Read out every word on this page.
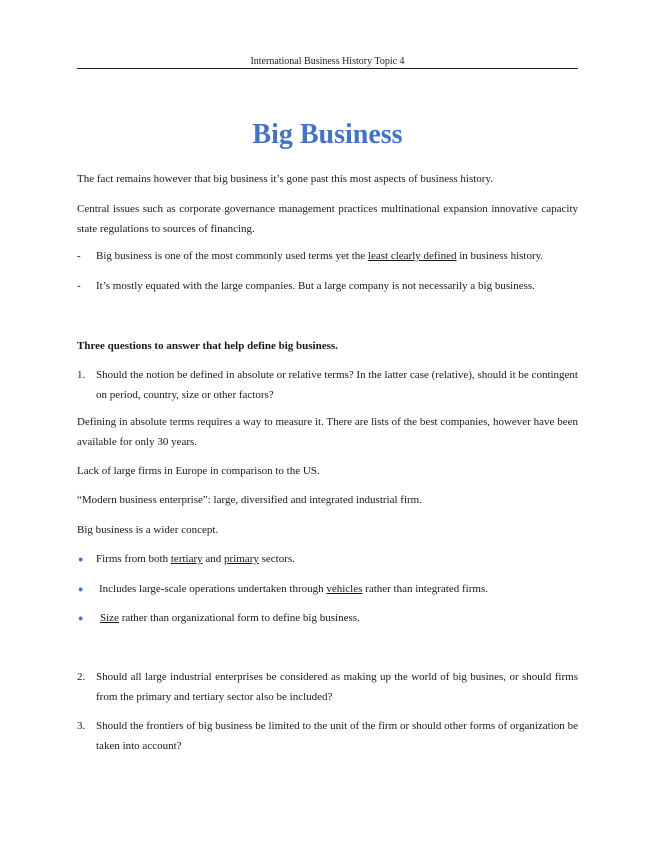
International Business History Topic 4
Big Business

The fact remains however that big business it’s gone past this most aspects of business history.

Central issues such as corporate governance management practices multinational expansion innovative capacity state regulations to sources of financing.

- Big business is one of the most commonly used terms yet the least clearly defined in business history.

- It’s mostly equated with the large companies. But a large company is not necessarily a big business.

Three questions to answer that help define big business.
1. Should the notion be defined in absolute or relative terms? In the latter case (relative), should it be contingent on period, country, size or other factors?

Defining in absolute terms requires a way to measure it. There are lists of the best companies, however have been available for only 30 years.

Lack of large firms in Europe in comparison to the US.

“Modern business enterprise”: large, diversified and integrated industrial firm.

Big business is a wider concept.

● Firms from both tertiary and primary sectors.

● Includes large-scale operations undertaken through vehicles rather than integrated firms.

● Size rather than organizational form to define big business.

2. Should all large industrial enterprises be considered as making up the world of big busines, or should firms from the primary and tertiary sector also be included?

3. Should the frontiers of big business be limited to the unit of the firm or should other forms of organization be taken into account?
